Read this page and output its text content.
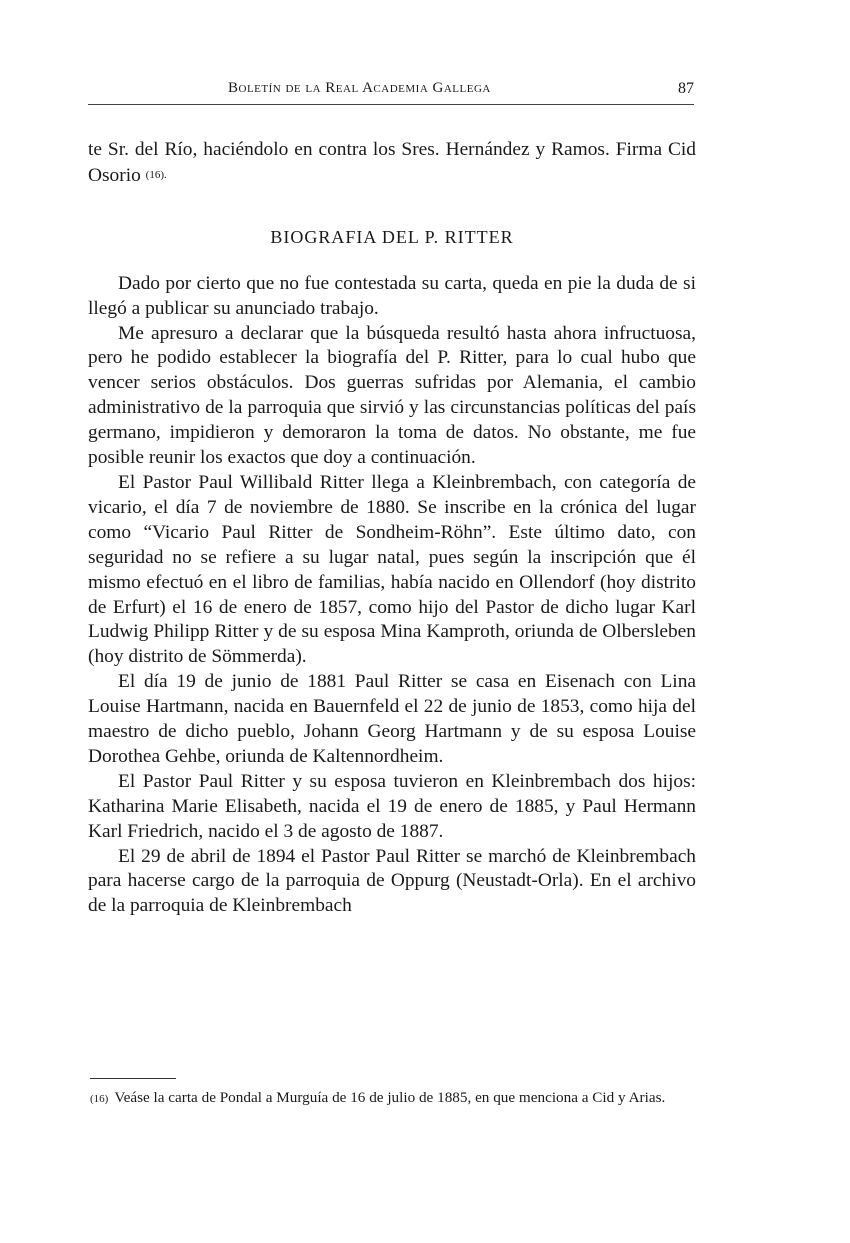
Boletín de la Real Academia Gallega	87

te Sr. del Río, haciéndolo en contra los Sres. Hernández y Ramos. Firma Cid Osorio $^{(16).}$

BIOGRAFIA DEL P. RITTER

Dado por cierto que no fue contestada su carta, queda en pie la duda de si llegó a publicar su anunciado trabajo.

Me apresuro a declarar que la búsqueda resultó hasta ahora infructuosa, pero he podido establecer la biografía del P. Ritter, para lo cual hubo que vencer serios obstáculos. Dos guerras sufridas por Alemania, el cambio administrativo de la parroquia que sirvió y las circunstancias políticas del país germano, impidieron y demoraron la toma de datos. No obstante, me fue posible reunir los exactos que doy a continuación.

El Pastor Paul Willibald Ritter llega a Kleinbrembach, con categoría de vicario, el día 7 de noviembre de 1880. Se inscribe en la crónica del lugar como “Vicario Paul Ritter de Sondheim-Röhn”. Este último dato, con seguridad no se refiere a su lugar natal, pues según la inscripción que él mismo efectuó en el libro de familias, había nacido en Ollendorf (hoy distrito de Erfurt) el 16 de enero de 1857, como hijo del Pastor de dicho lugar Karl Ludwig Philipp Ritter y de su esposa Mina Kamproth, oriunda de Olbersleben (hoy distrito de Sömmerda).

El día 19 de junio de 1881 Paul Ritter se casa en Eisenach con Lina Louise Hartmann, nacida en Bauernfeld el 22 de junio de 1853, como hija del maestro de dicho pueblo, Johann Georg Hartmann y de su esposa Louise Dorothea Gehbe, oriunda de Kaltennordheim.

El Pastor Paul Ritter y su esposa tuvieron en Kleinbrembach dos hijos: Katharina Marie Elisabeth, nacida el 19 de enero de 1885, y Paul Hermann Karl Friedrich, nacido el 3 de agosto de 1887.

El 29 de abril de 1894 el Pastor Paul Ritter se marchó de Kleinbrembach para hacerse cargo de la parroquia de Oppurg (Neustadt-Orla). En el archivo de la parroquia de Kleinbrembach

(16) Veáse la carta de Pondal a Murguía de 16 de julio de 1885, en que menciona a Cid y Arias.
